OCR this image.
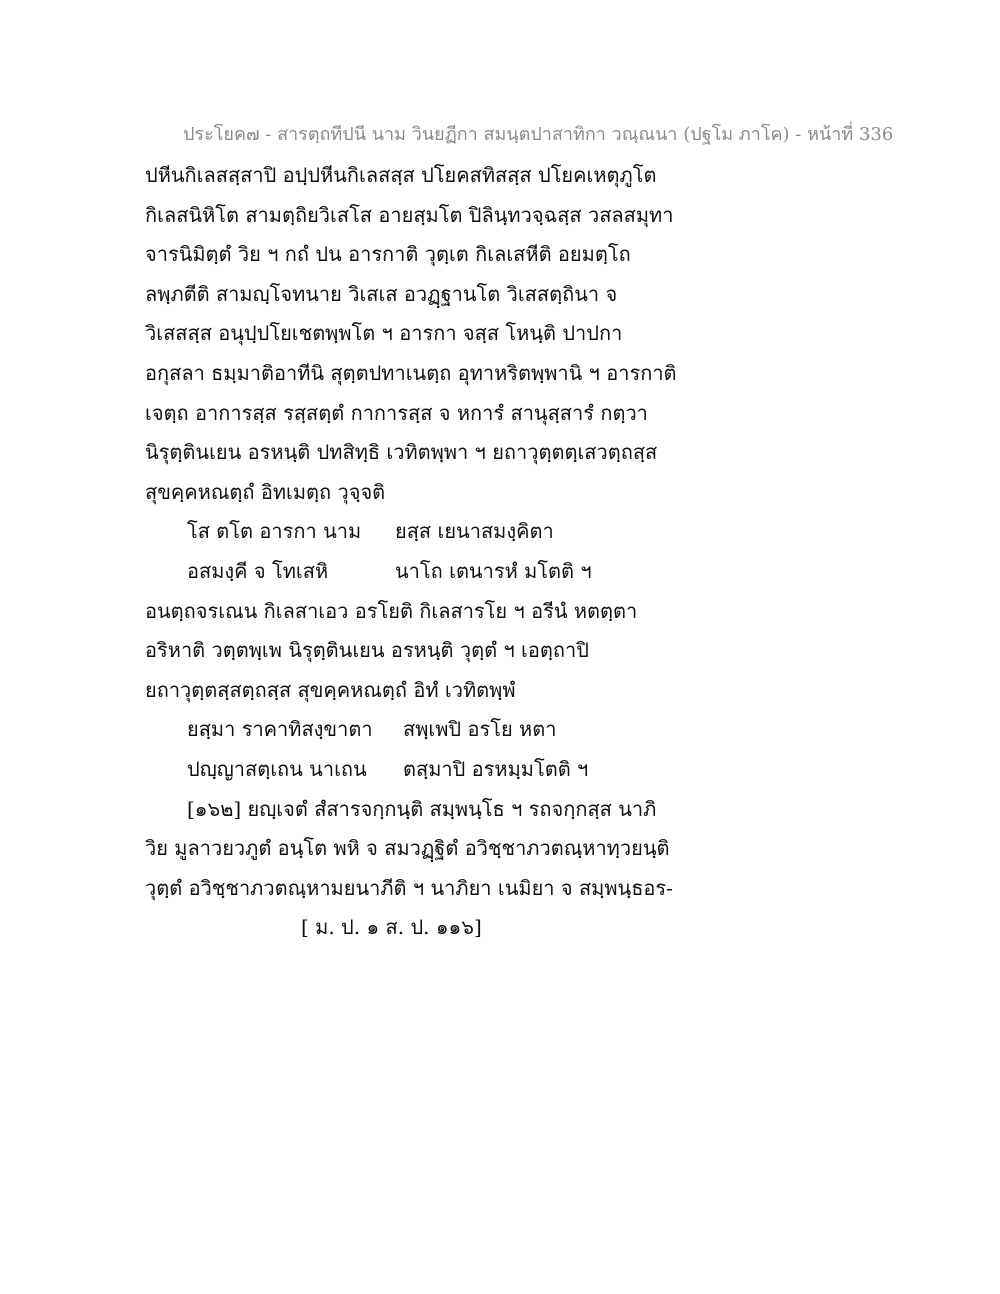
ประโยค๗ - สารตฺถทีปนี นาม วินยฏีกา สมนฺตปาสาทิกา วณฺณนา (ปฐโม ภาโค) - หน้าที่ 336
ปหีนกิเลสสฺสาปิ อปฺปหีนกิเลสสฺส ปโยคสทิสสฺส ปโยคเหตุภูโต
กิเลสนิหิโต สามตฺถิยวิเสโส อายสฺมโต ปิลินฺทวจฺฉสฺส วสลสมุทา
จารนิมิตฺตํ วิย ฯ กถํ ปน อารกาติ วุตฺเต กิเลเสหีติ อยมตฺโถ
ลพฺภตีติ สามญฺโจทนาย วิเสเส อวฏฺฐานโต วิเสสตฺถินา จ
วิเสสสฺส อนุปฺปโยเชตพฺพโต ฯ อารกา จสฺส โหนฺติ ปาปกา
อกุสลา ธมฺมาติอาทีนิ สุตฺตปทาเนตฺถ อุทาหริตพฺพานิ ฯ อารกาติ
เจตฺถ อาการสฺส รสฺสตฺตํ กาการสฺส จ หการํ สานุสฺสารํ กตฺวา
นิรุตฺตินเยน อรหนฺติ ปทสิทฺธิ เวทิตพฺพา ฯ ยถาวุตฺตตฺเสวตฺถสฺส
สุขคฺคหณตฺถํ อิทเมตฺถ วุจฺจติ
โส ตโต อารกา นาม	ยสฺส เยนาสมงฺคิตา
อสมงฺคี จ โทเสหิ	นาโถ เตนารหํ มโตติ ฯ
อนตฺถจรเณน กิเลสาเอว อรโยติ กิเลสารโย ฯ อรีนํ หตตฺตา
อริหาติ วตฺตพฺเพ นิรุตฺตินเยน อรหนฺติ วุตฺตํ ฯ เอตฺถาปิ
ยถาวุตฺตสฺสตฺถสฺส สุขคฺคหณตฺถํ อิทํ เวทิตพฺพํ
ยสฺมา ราคาทิสงฺขาตา	สพฺเพปิ อรโย หตา
ปญฺญาสตฺเถน นาเถน	ตสฺมาปิ อรหมฺมโตติ ฯ
[๑๖๒] ยญฺเจตํ สํสารจกฺกนฺติ สมฺพนฺโธ ฯ รถจกฺกสฺส นาภิ
วิย มูลาวยวภูตํ อนฺโต พหิ จ สมวฏฺฐิตํ อวิชฺชาภวตณฺหาทฺวยนฺติ
วุตฺตํ อวิชฺชาภวตณฺหามยนาภีติ ฯ นาภิยา เนมิยา จ สมฺพนฺธอร-
[ ม. ป. ๑ ส. ป. ๑๑๖]
